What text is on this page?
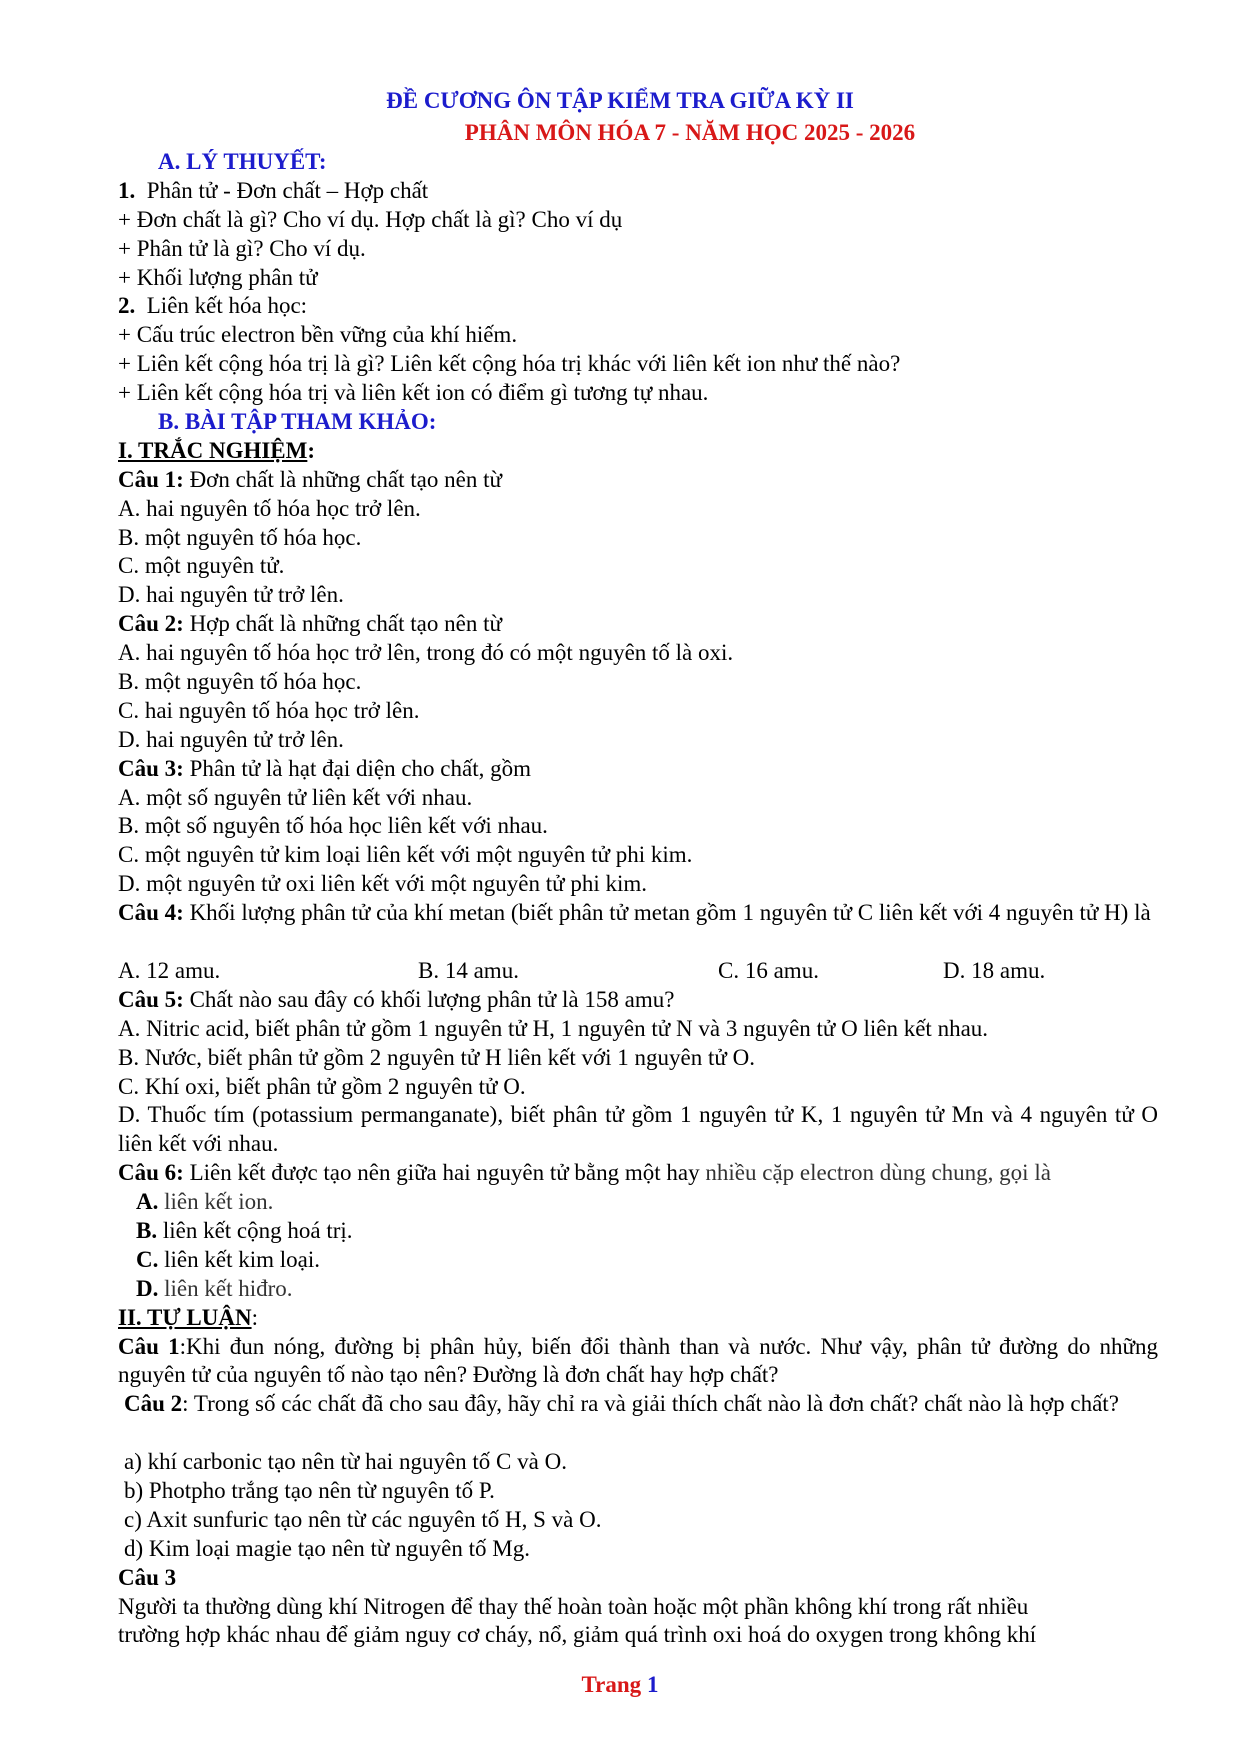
ĐỀ CƯƠNG ÔN TẬP KIỂM TRA GIỮA KỲ II
PHÂN MÔN HÓA 7 - NĂM HỌC 2025 - 2026
A. LÝ THUYẾT:
1.  Phân tử - Đơn chất – Hợp chất
+ Đơn chất là gì? Cho ví dụ. Hợp chất là gì? Cho ví dụ
+ Phân tử là gì? Cho ví dụ.
+ Khối lượng phân tử
2.  Liên kết hóa học:
+ Cấu trúc electron bền vững của khí hiếm.
+ Liên kết cộng hóa trị là gì? Liên kết cộng hóa trị khác với liên kết ion như thế nào?
+ Liên kết cộng hóa trị và liên kết ion có điểm gì tương tự nhau.
B. BÀI TẬP THAM KHẢO:
I. TRẮC NGHIỆM:
Câu 1: Đơn chất là những chất tạo nên từ
A. hai nguyên tố hóa học trở lên.
B. một nguyên tố hóa học.
C. một nguyên tử.
D. hai nguyên tử trở lên.
Câu 2: Hợp chất là những chất tạo nên từ
A. hai nguyên tố hóa học trở lên, trong đó có một nguyên tố là oxi.
B. một nguyên tố hóa học.
C. hai nguyên tố hóa học trở lên.
D. hai nguyên tử trở lên.
Câu 3: Phân tử là hạt đại diện cho chất, gồm
A. một số nguyên tử liên kết với nhau.
B. một số nguyên tố hóa học liên kết với nhau.
C. một nguyên tử kim loại liên kết với một nguyên tử phi kim.
D. một nguyên tử oxi liên kết với một nguyên tử phi kim.
Câu 4: Khối lượng phân tử của khí metan (biết phân tử metan gồm 1 nguyên tử C liên kết với 4 nguyên tử H) là
A. 12 amu.	B. 14 amu.	C. 16 amu.	D. 18 amu.
Câu 5: Chất nào sau đây có khối lượng phân tử là 158 amu?
A. Nitric acid, biết phân tử gồm 1 nguyên tử H, 1 nguyên tử N và 3 nguyên tử O liên kết nhau.
B. Nước, biết phân tử gồm 2 nguyên tử H liên kết với 1 nguyên tử O.
C. Khí oxi, biết phân tử gồm 2 nguyên tử O.
D. Thuốc tím (potassium permanganate), biết phân tử gồm 1 nguyên tử K, 1 nguyên tử Mn và 4 nguyên tử O liên kết với nhau.
Câu 6: Liên kết được tạo nên giữa hai nguyên tử bằng một hay nhiều cặp electron dùng chung, gọi là
A. liên kết ion.
B. liên kết cộng hoá trị.
C. liên kết kim loại.
D. liên kết hiđro.
II. TỰ LUẬN:
Câu 1:Khi đun nóng, đường bị phân hủy, biến đổi thành than và nước. Như vậy, phân tử đường do những nguyên tử của nguyên tố nào tạo nên? Đường là đơn chất hay hợp chất?
Câu 2: Trong số các chất đã cho sau đây, hãy chỉ ra và giải thích chất nào là đơn chất? chất nào là hợp chất?
a) khí carbonic tạo nên từ hai nguyên tố C và O.
b) Photpho trắng tạo nên từ nguyên tố P.
c) Axit sunfuric tạo nên từ các nguyên tố H, S và O.
d) Kim loại magie tạo nên từ nguyên tố Mg.
Câu 3
Người ta thường dùng khí Nitrogen để thay thế hoàn toàn hoặc một phần không khí trong rất nhiều
trường hợp khác nhau để giảm nguy cơ cháy, nổ, giảm quá trình oxi hoá do oxygen trong không khí
Trang 1
